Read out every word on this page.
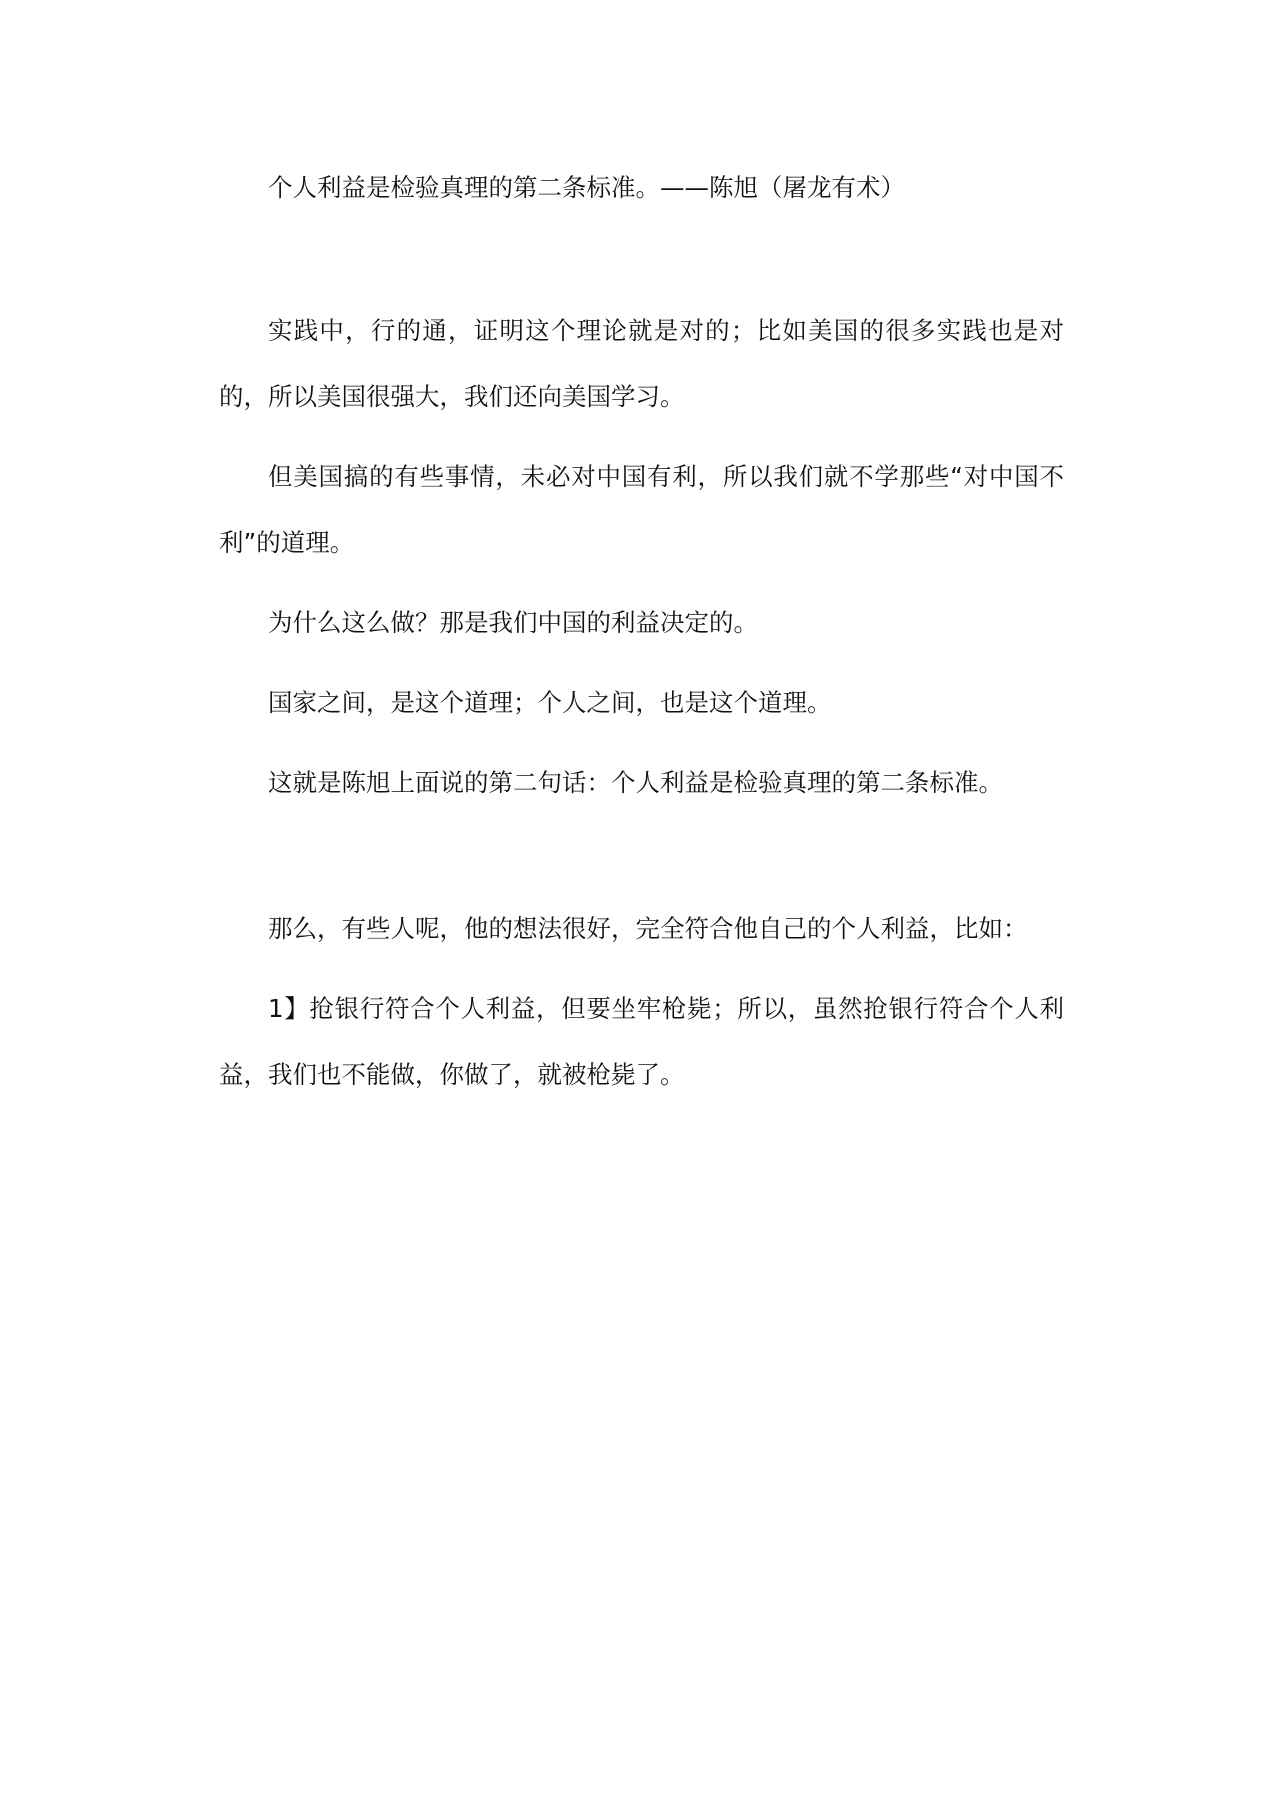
个人利益是检验真理的第二条标准。——陈旭（屠龙有术）

实践中，行的通，证明这个理论就是对的；比如美国的很多实践也是对的，所以美国很强大，我们还向美国学习。

但美国搞的有些事情，未必对中国有利，所以我们就不学那些“对中国不利”的道理。

为什么这么做？那是我们中国的利益决定的。

国家之间，是这个道理；个人之间，也是这个道理。

这就是陈旭上面说的第二句话：个人利益是检验真理的第二条标准。

那么，有些人呢，他的想法很好，完全符合他自己的个人利益，比如：

1】抢银行符合个人利益，但要坐牢枪毙；所以，虽然抢银行符合个人利益，我们也不能做，你做了，就被枪毙了。
